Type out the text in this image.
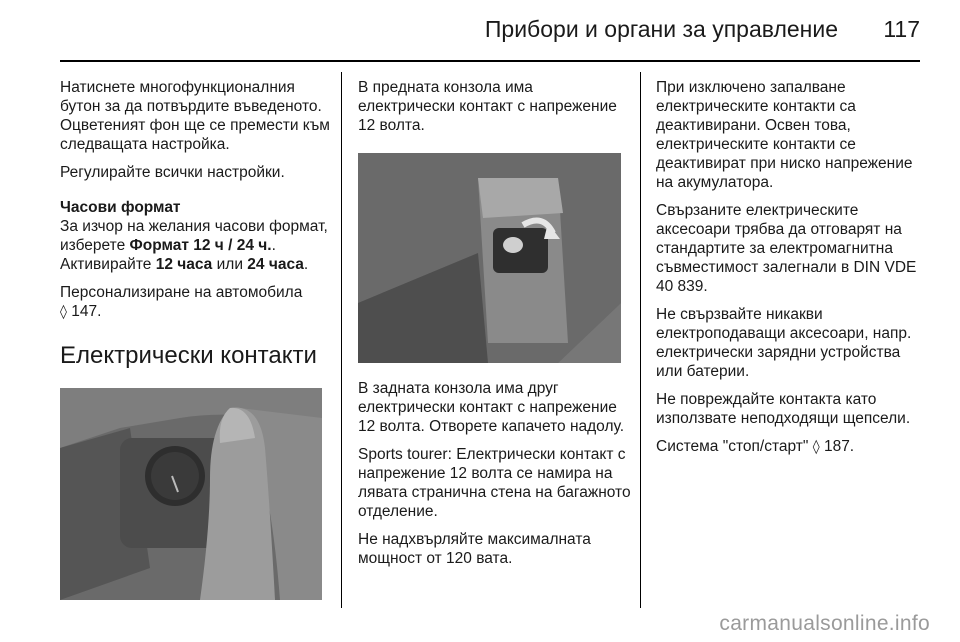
Прибори и органи за управление 117

Натиснете многофункционалния бутон за да потвърдите въведеното. Оцветеният фон ще се премести към следващата настройка.

Регулирайте всички настройки.

Часови формат

За изчор на желания часови формат, изберете Формат 12 ч / 24 ч.. Активирайте 12 часа или 24 часа.

Персонализиране на автомобила
◊ 147.

Електрически контакти

В предната конзола има електрически контакт с напрежение 12 волта.

В задната конзола има друг електрически контакт с напрежение 12 волта. Отворете капачето надолу.

Sports tourer: Електрически контакт с напрежение 12 волта се намира на лявата странична стена на багажното отделение.

Не надхвърляйте максималната мощност от 120 вата.

При изключено запалване електрическите контакти са деактивирани. Освен това, електрическите контакти се деактивират при ниско напрежение на акумулатора.

Свързаните електрическите аксесоари трябва да отговарят на стандартите за електромагнитна съвместимост залегнали в DIN VDE 40 839.

Не свързвайте никакви електроподаващи аксесоари, напр. електрически зарядни устройства или батерии.

Не повреждайте контакта като използвате неподходящи щепсели.

Система "стоп/старт" ◊ 187.

carmanualsonline.info
